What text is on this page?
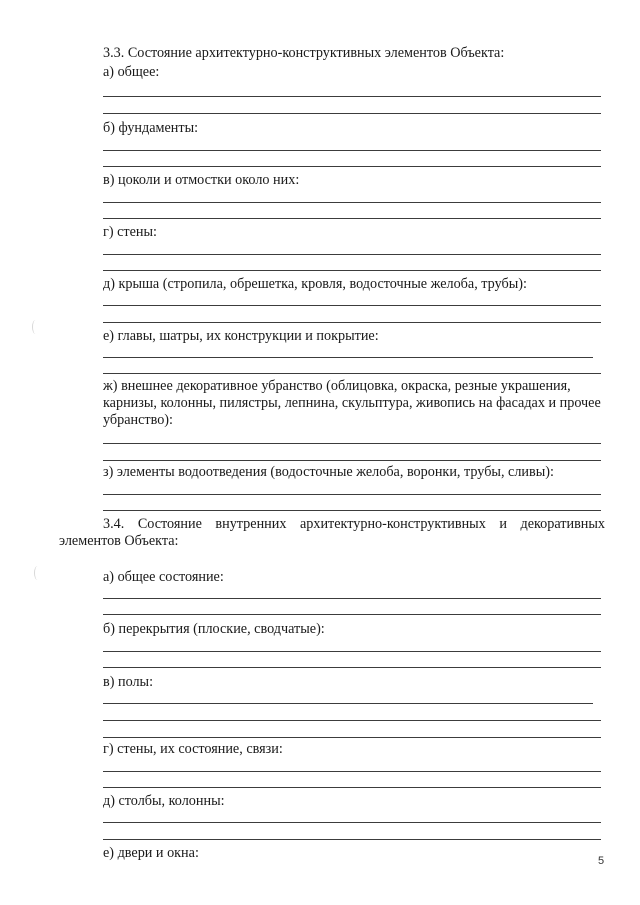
3.3. Состояние архитектурно-конструктивных элементов Объекта:
а) общее:
б) фундаменты:
в) цоколи и отмостки около них:
г) стены:
д) крыша (стропила, обрешетка, кровля, водосточные желоба, трубы):
е) главы, шатры, их конструкции и покрытие:
ж) внешнее декоративное убранство (облицовка, окраска, резные украшения, карнизы, колонны, пилястры, лепнина, скульптура, живопись на фасадах и прочее убранство):
з) элементы водоотведения (водосточные желоба, воронки, трубы, сливы):
3.4. Состояние внутренних архитектурно-конструктивных и декоративных элементов Объекта:
а) общее состояние:
б) перекрытия (плоские, сводчатые):
в) полы:
г) стены, их состояние, связи:
д) столбы, колонны:
е) двери и окна:	5
